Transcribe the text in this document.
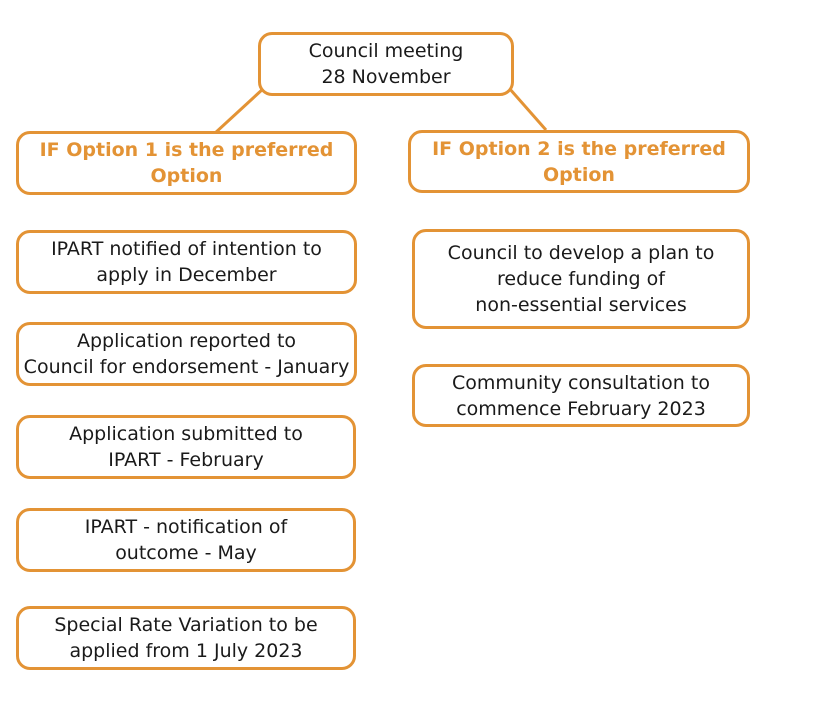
Council meeting
28 November
IF Option 1 is the preferred
Option
IF Option 2 is the preferred
Option
IPART notified of intention to
apply in December
Application reported to
Council for endorsement - January
Application submitted to
IPART - February
IPART - notification of
outcome - May
Special Rate Variation to be
applied from 1 July 2023
Council to develop a plan to
reduce funding of
non-essential services
Community consultation to
commence February 2023
